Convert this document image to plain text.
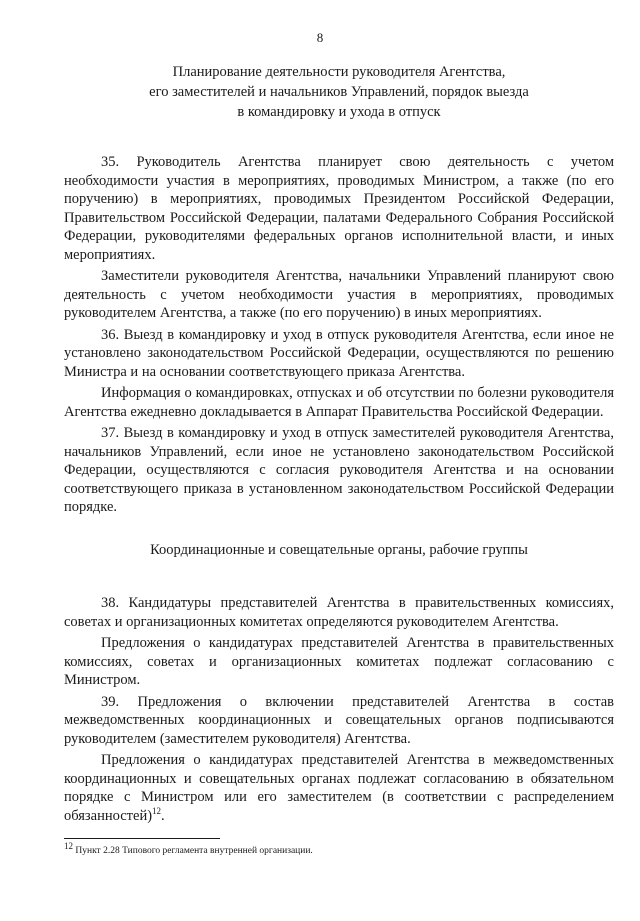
8
Планирование деятельности руководителя Агентства,
его заместителей и начальников Управлений, порядок выезда
в командировку и ухода в отпуск

35. Руководитель Агентства планирует свою деятельность с учетом необходимости участия в мероприятиях, проводимых Министром, а также (по его поручению) в мероприятиях, проводимых Президентом Российской Федерации, Правительством Российской Федерации, палатами Федерального Собрания Российской Федерации, руководителями федеральных органов исполнительной власти, и иных мероприятиях.

Заместители руководителя Агентства, начальники Управлений планируют свою деятельность с учетом необходимости участия в мероприятиях, проводимых руководителем Агентства, а также (по его поручению) в иных мероприятиях.

36. Выезд в командировку и уход в отпуск руководителя Агентства, если иное не установлено законодательством Российской Федерации, осуществляются по решению Министра и на основании соответствующего приказа Агентства.

Информация о командировках, отпусках и об отсутствии по болезни руководителя Агентства ежедневно докладывается в Аппарат Правительства Российской Федерации.

37. Выезд в командировку и уход в отпуск заместителей руководителя Агентства, начальников Управлений, если иное не установлено законодательством Российской Федерации, осуществляются с согласия руководителя Агентства и на основании соответствующего приказа в установленном законодательством Российской Федерации порядке.

Координационные и совещательные органы, рабочие группы

38. Кандидатуры представителей Агентства в правительственных комиссиях, советах и организационных комитетах определяются руководителем Агентства.

Предложения о кандидатурах представителей Агентства в правительственных комиссиях, советах и организационных комитетах подлежат согласованию с Министром.

39. Предложения о включении представителей Агентства в состав межведомственных координационных и совещательных органов подписываются руководителем (заместителем руководителя) Агентства.

Предложения о кандидатурах представителей Агентства в межведомственных координационных и совещательных органах подлежат согласованию в обязательном порядке с Министром или его заместителем (в соответствии с распределением обязанностей)$^{12}$.

$^{12}$ Пункт 2.28 Типового регламента внутренней организации.
